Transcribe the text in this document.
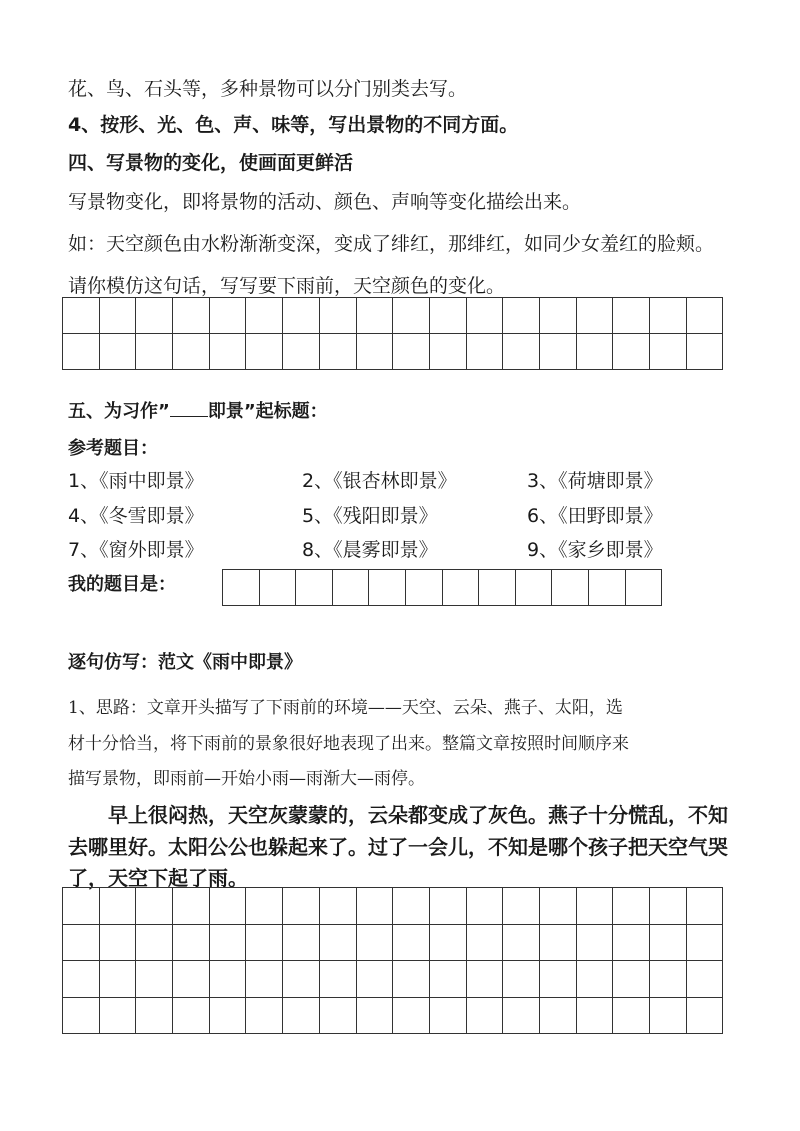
花、鸟、石头等，多种景物可以分门别类去写。
4、按形、光、色、声、味等，写出景物的不同方面。
四、写景物的变化，使画面更鲜活
写景物变化，即将景物的活动、颜色、声响等变化描绘出来。
如：天空颜色由水粉渐渐变深，变成了绯红，那绯红，如同少女羞红的脸颊。
请你模仿这句话，写写要下雨前，天空颜色的变化。
五、为习作” 即景”起标题：
参考题目：
1、《雨中即景》	2、《银杏林即景》	3、《荷塘即景》
4、《冬雪即景》	5、《残阳即景》	6、《田野即景》
7、《窗外即景》	8、《晨雾即景》	9、《家乡即景》
我的题目是：
逐句仿写：范文《雨中即景》
1、思路：文章开头描写了下雨前的环境——天空、云朵、燕子、太阳，选
材十分恰当，将下雨前的景象很好地表现了出来。整篇文章按照时间顺序来
描写景物，即雨前—开始小雨—雨渐大—雨停。
早上很闷热，天空灰蒙蒙的，云朵都变成了灰色。燕子十分慌乱，不知
去哪里好。太阳公公也躲起来了。过了一会儿，不知是哪个孩子把天空气哭
了，天空下起了雨。
